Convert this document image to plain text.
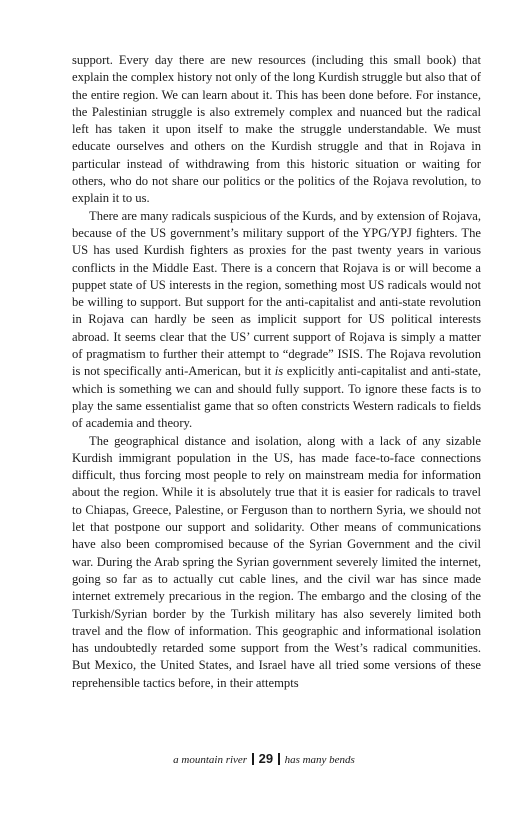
support. Every day there are new resources (including this small book) that explain the complex history not only of the long Kurdish struggle but also that of the entire region. We can learn about it. This has been done before. For instance, the Palestinian struggle is also extremely complex and nuanced but the radical left has taken it upon itself to make the struggle understandable. We must educate ourselves and others on the Kurdish struggle and that in Rojava in particular instead of withdrawing from this historic situation or waiting for others, who do not share our politics or the politics of the Rojava revolution, to explain it to us.

There are many radicals suspicious of the Kurds, and by extension of Rojava, because of the US government’s military support of the YPG/YPJ fighters. The US has used Kurdish fighters as proxies for the past twenty years in various conflicts in the Middle East. There is a concern that Rojava is or will become a puppet state of US interests in the region, something most US radicals would not be willing to support. But support for the anti-capitalist and anti-state revolution in Rojava can hardly be seen as implicit support for US political interests abroad. It seems clear that the US’ current support of Rojava is simply a matter of pragmatism to further their attempt to “degrade” ISIS. The Rojava revolution is not specifically anti-American, but it is explicitly anti-capitalist and anti-state, which is something we can and should fully support. To ignore these facts is to play the same essentialist game that so often constricts Western radicals to fields of academia and theory.

The geographical distance and isolation, along with a lack of any sizable Kurdish immigrant population in the US, has made face-to-face connections difficult, thus forcing most people to rely on mainstream media for information about the region. While it is absolutely true that it is easier for radicals to travel to Chiapas, Greece, Palestine, or Ferguson than to northern Syria, we should not let that postpone our support and solidarity. Other means of communications have also been compromised because of the Syrian Government and the civil war. During the Arab spring the Syrian government severely limited the internet, going so far as to actually cut cable lines, and the civil war has since made internet extremely precarious in the region. The embargo and the closing of the Turkish/Syrian border by the Turkish military has also severely limited both travel and the flow of information. This geographic and informational isolation has undoubtedly retarded some support from the West’s radical communities. But Mexico, the United States, and Israel have all tried some versions of these reprehensible tactics before, in their attempts

a mountain river 29 has many bends
